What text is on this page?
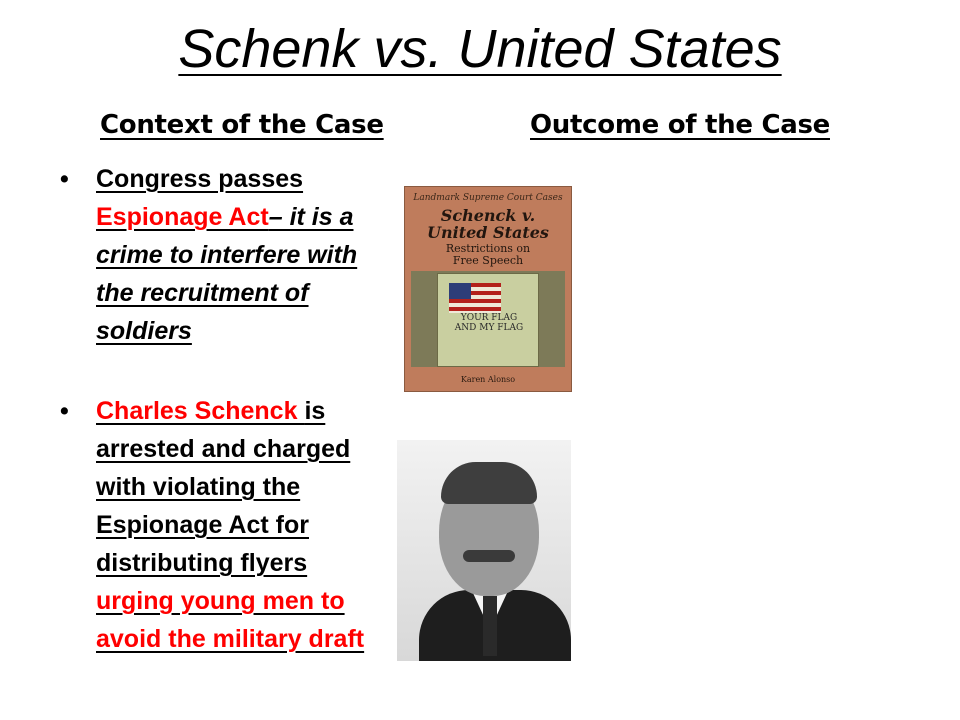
Schenk vs. United States
Context of the Case	Outcome of the Case
• Congress passes Espionage Act– it is a crime to interfere with the recruitment of soldiers
• Charles Schenck is arrested and charged with violating the Espionage Act for distributing flyers urging young men to avoid the military draft
Landmark Supreme Court Cases
Schenck v.
United States
Restrictions on
Free Speech
YOUR FLAG
AND MY FLAG
Karen Alonso
